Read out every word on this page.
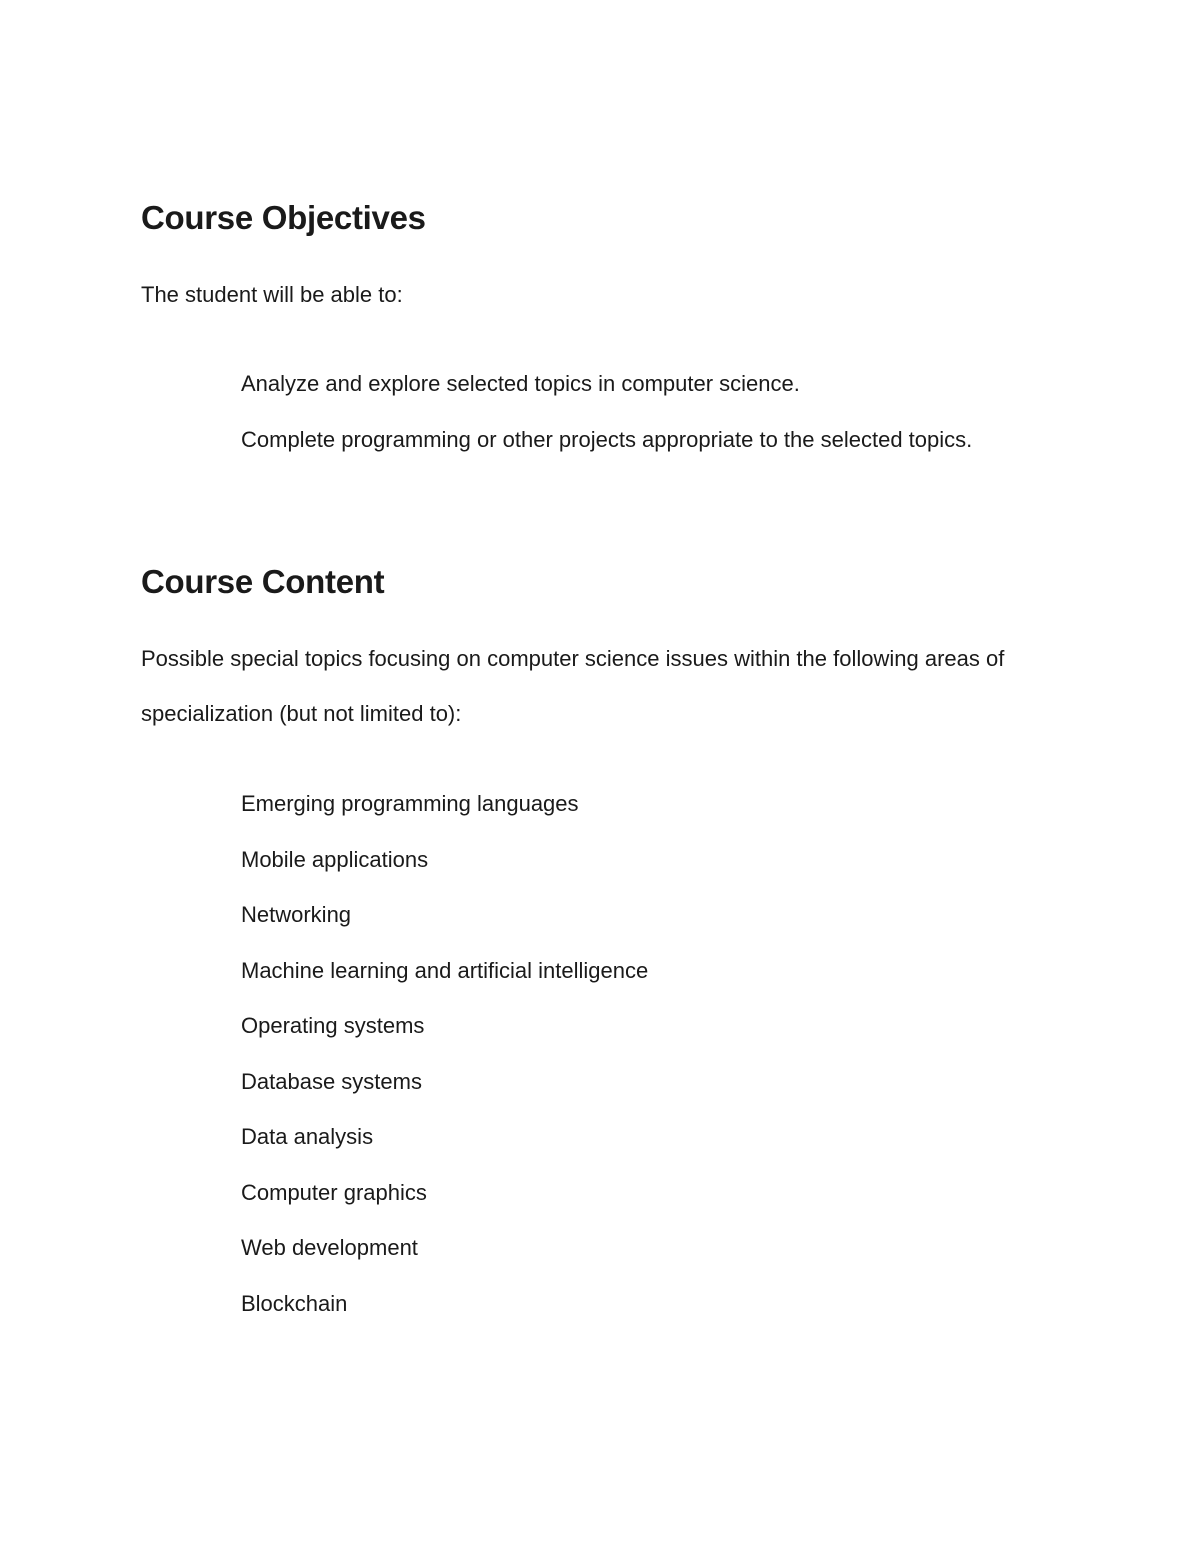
Course Objectives

The student will be able to:

Analyze and explore selected topics in computer science.
Complete programming or other projects appropriate to the selected topics.
Course Content

Possible special topics focusing on computer science issues within the following areas of specialization (but not limited to):

Emerging programming languages
Mobile applications
Networking
Machine learning and artificial intelligence
Operating systems
Database systems
Data analysis
Computer graphics
Web development
Blockchain
